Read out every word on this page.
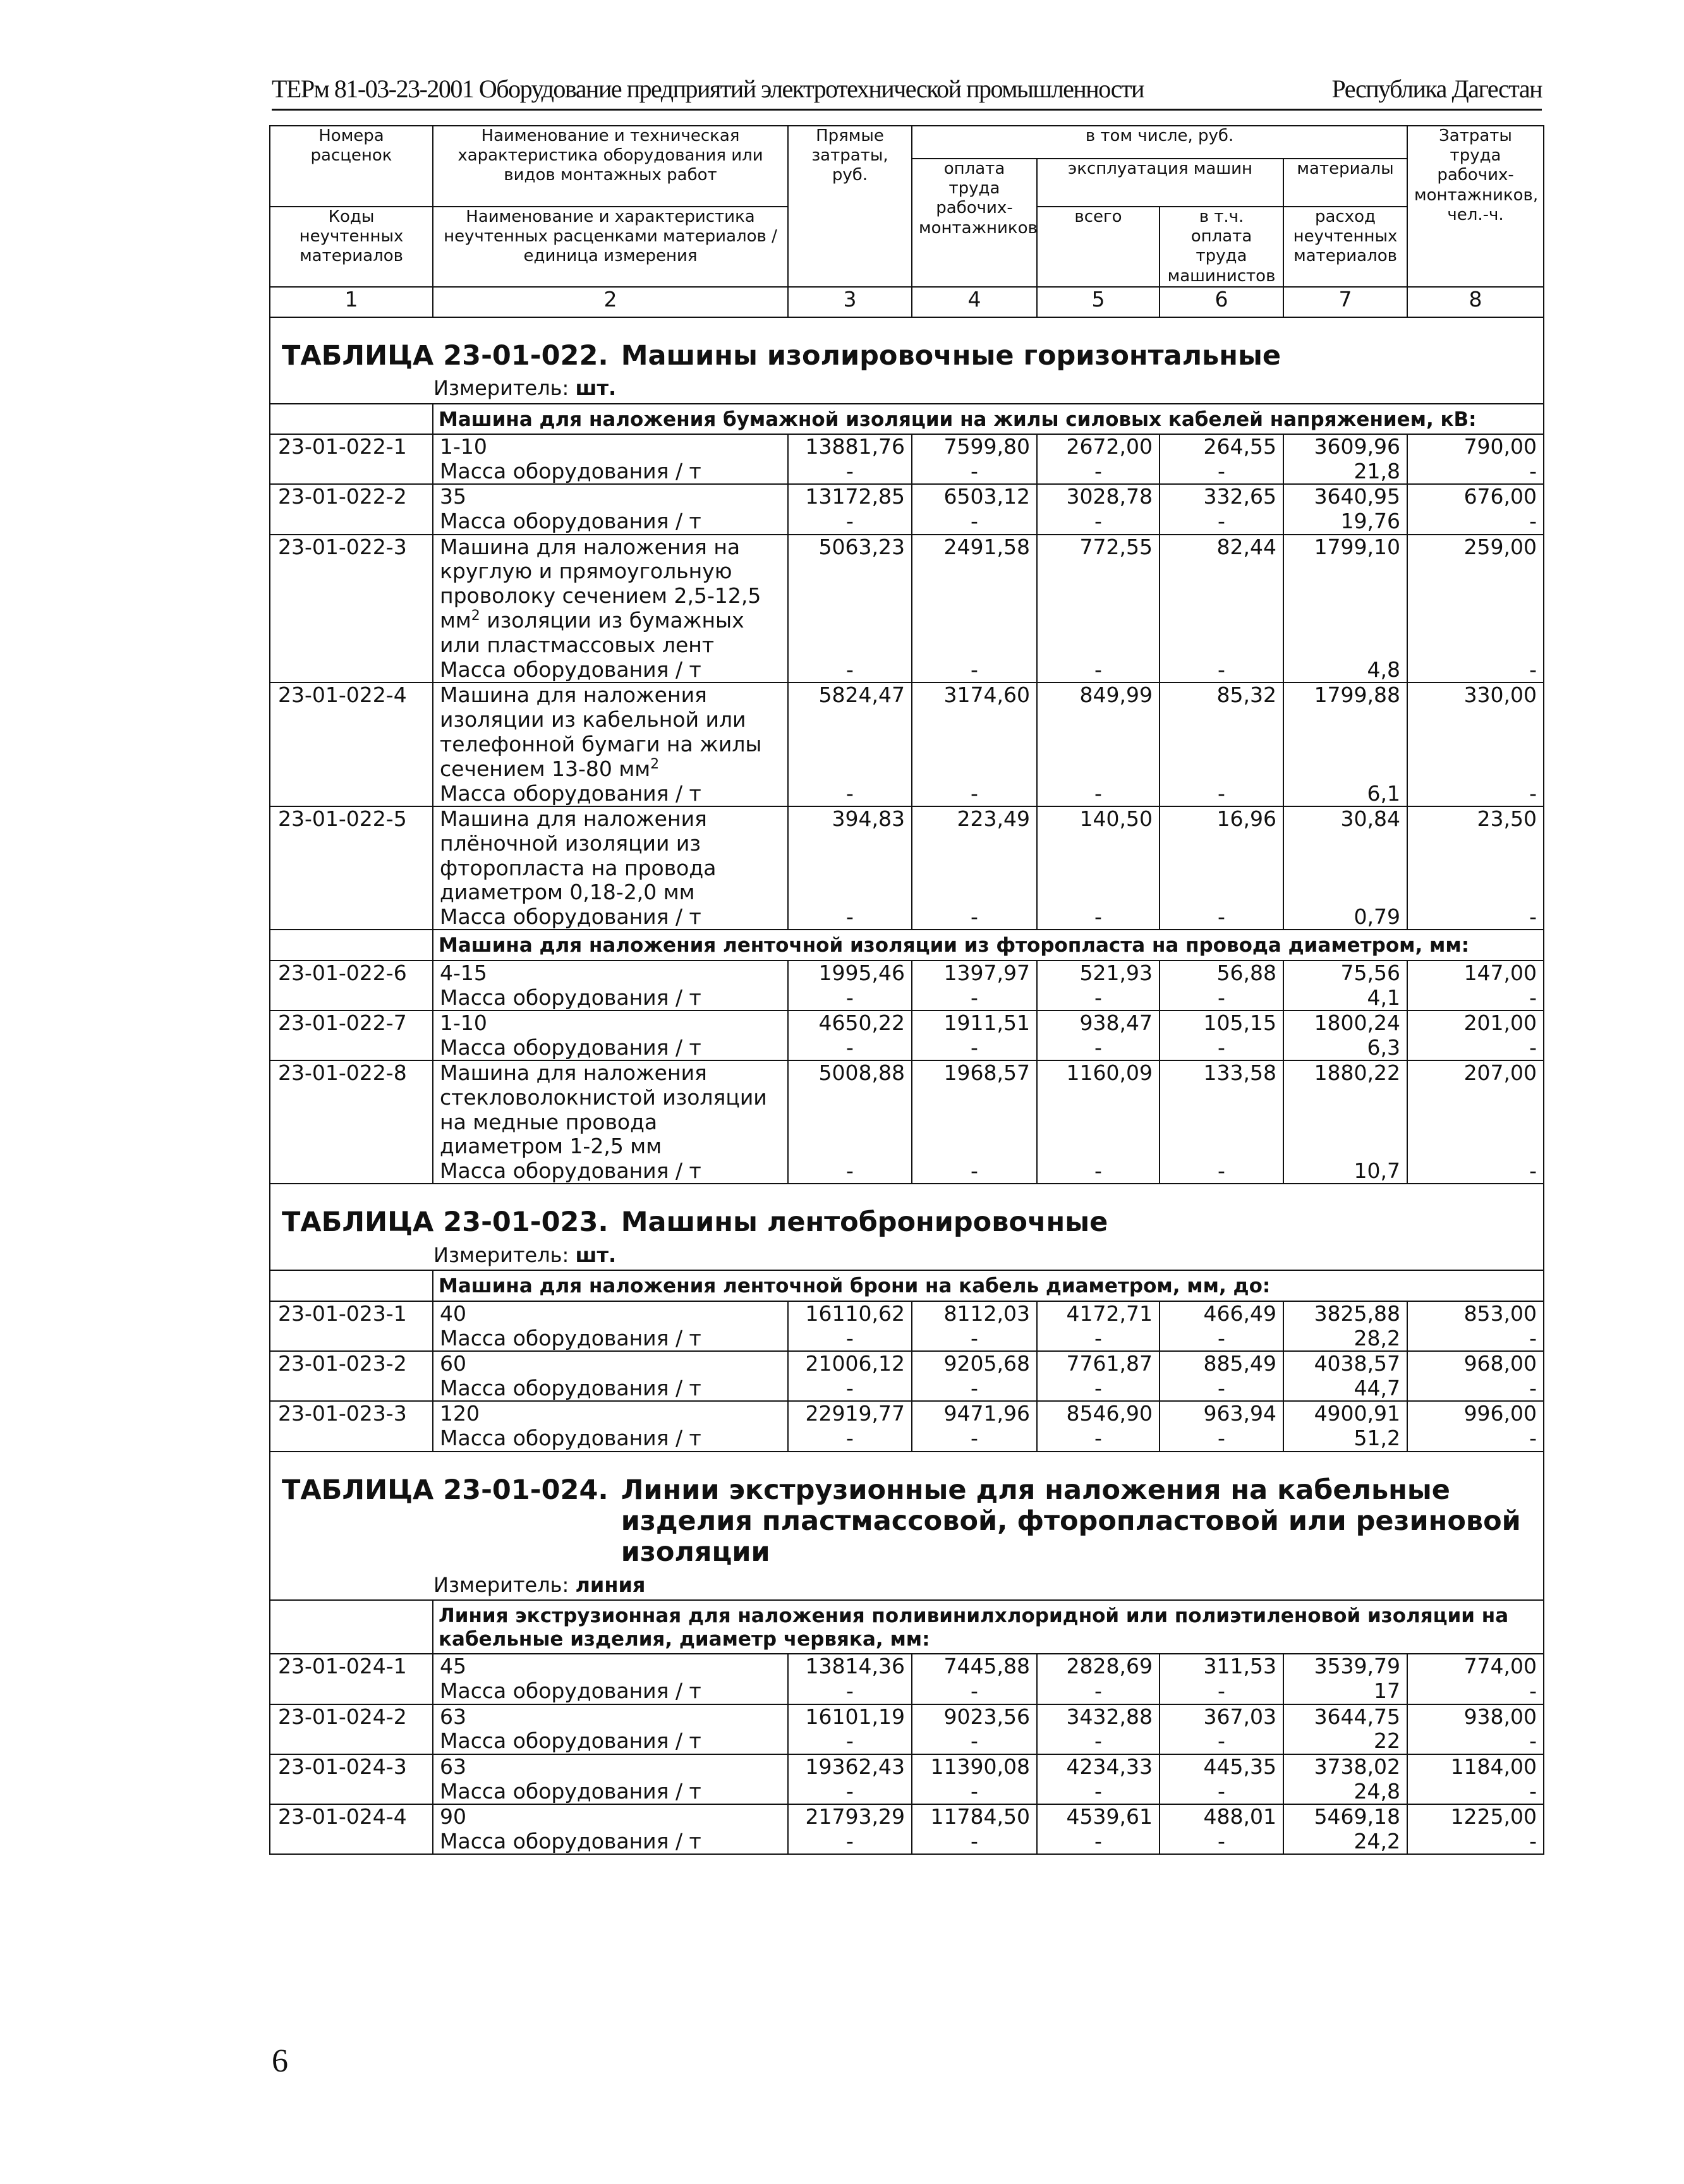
ТЕРм 81-03-23-2001 Оборудование предприятий электротехнической промышленности	Республика Дагестан
Номера расценок	Наименование и техническая характеристика оборудования или видов монтажных работ	Прямые затраты, руб.	в том числе, руб.				Затраты труда рабочих-монтажников, чел.-ч.
			оплата труда рабочих-монтажников	эксплуатация машин		материалы	
Коды неучтенных материалов	Наименование и характеристика неучтенных расценками материалов / единица измерения			всего	в т.ч. оплата труда машинистов	расход неучтенных материалов	
1	2	3	4	5	6	7	8

ТАБЛИЦА 23-01-022. Машины изолировочные горизонтальные
Измеритель: шт.							

	Машина для наложения бумажной изоляции на жилы силовых кабелей напряжением, кВ:						
23-01-022-1	1-10	13881,76	7599,80	2672,00	264,55	3609,96	790,00
	Масса оборудования / т	-	-	-	-	21,8	-
23-01-022-2	35	13172,85	6503,12	3028,78	332,65	3640,95	676,00
	Масса оборудования / т	-	-	-	-	19,76	-
23-01-022-3	Машина для наложения на круглую и прямоугольную проволоку сечением 2,5-12,5 $мм^2$ изоляции из бумажных или пластмассовых лент	5063,23	2491,58	772,55	82,44	1799,10	259,00
	Масса оборудования / т	-	-	-	-	4,8	-
23-01-022-4	Машина для наложения изоляции из кабельной или телефонной бумаги на жилы сечением 13-80 $мм^2$	5824,47	3174,60	849,99	85,32	1799,88	330,00
	Масса оборудования / т	-	-	-	-	6,1	-
23-01-022-5	Машина для наложения плёночной изоляции из фторопласта на провода диаметром 0,18-2,0 мм	394,83	223,49	140,50	16,96	30,84	23,50
	Масса оборудования / т	-	-	-	-	0,79	-
	Машина для наложения ленточной изоляции из фторопласта на провода диаметром, мм:						
23-01-022-6	4-15	1995,46	1397,97	521,93	56,88	75,56	147,00
	Масса оборудования / т	-	-	-	-	4,1	-
23-01-022-7	1-10	4650,22	1911,51	938,47	105,15	1800,24	201,00
	Масса оборудования / т	-	-	-	-	6,3	-
23-01-022-8	Машина для наложения стекловолокнистой изоляции на медные провода диаметром 1-2,5 мм	5008,88	1968,57	1160,09	133,58	1880,22	207,00
	Масса оборудования / т	-	-	-	-	10,7	-

ТАБЛИЦА 23-01-023. Машины лентобронировочные
Измеритель: шт.							

	Машина для наложения ленточной брони на кабель диаметром, мм, до:						
23-01-023-1	40	16110,62	8112,03	4172,71	466,49	3825,88	853,00
	Масса оборудования / т	-	-	-	-	28,2	-
23-01-023-2	60	21006,12	9205,68	7761,87	885,49	4038,57	968,00
	Масса оборудования / т	-	-	-	-	44,7	-
23-01-023-3	120	22919,77	9471,96	8546,90	963,94	4900,91	996,00
	Масса оборудования / т	-	-	-	-	51,2	-

ТАБЛИЦА 23-01-024. Линии экструзионные для наложения на кабельные изделия пластмассовой, фторопластовой или резиновой изоляции
Измеритель: линия							

	Линия экструзионная для наложения поливинилхлоридной или полиэтиленовой изоляции на кабельные изделия, диаметр червяка, мм:						
23-01-024-1	45	13814,36	7445,88	2828,69	311,53	3539,79	774,00
	Масса оборудования / т	-	-	-	-	17	-
23-01-024-2	63	16101,19	9023,56	3432,88	367,03	3644,75	938,00
	Масса оборудования / т	-	-	-	-	22	-
23-01-024-3	63	19362,43	11390,08	4234,33	445,35	3738,02	1184,00
	Масса оборудования / т	-	-	-	-	24,8	-
23-01-024-4	90	21793,29	11784,50	4539,61	488,01	5469,18	1225,00
	Масса оборудования / т	-	-	-	-	24,2	-
6
